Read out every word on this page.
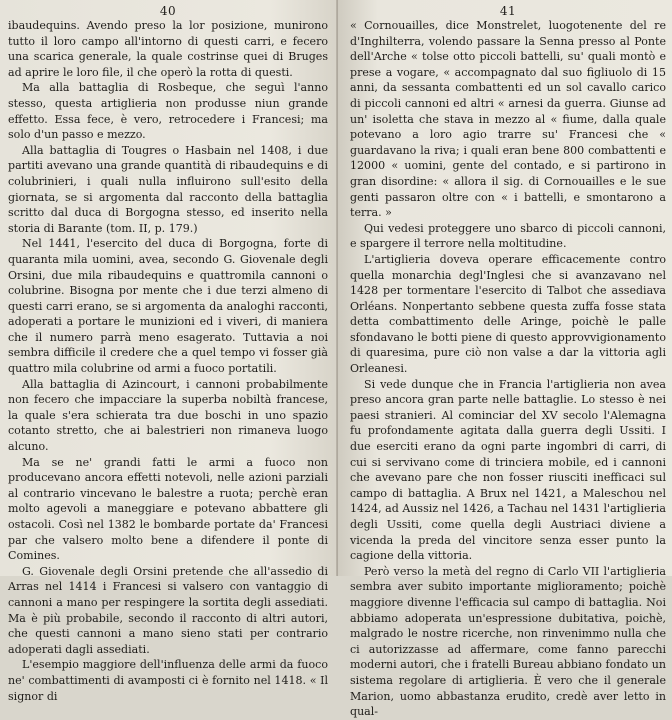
40

ibaudequins. Avendo preso la lor posizione, munirono tutto il loro campo all'intorno di questi carri, e fecero una scarica generale, la quale costrinse quei di Bruges ad aprire le loro file, il che operò la rotta di questi.

Ma alla battaglia di Rosbeque, che seguì l'anno stesso, questa artiglieria non produsse niun grande effetto. Essa fece, è vero, retrocedere i Francesi; ma solo d'un passo e mezzo.

Alla battaglia di Tougres o Hasbain nel 1408, i due partiti avevano una grande quantità di ribaudequins e di colubrinieri, i quali nulla influirono sull'esito della giornata, se si argomenta dal racconto della battaglia scritto dal duca di Borgogna stesso, ed inserito nella storia di Barante (tom. II, p. 179.)

Nel 1441, l'esercito del duca di Borgogna, forte di quaranta mila uomini, avea, secondo G. Giovenale degli Orsini, due mila ribaudequins e quattromila cannoni o colubrine. Bisogna por mente che i due terzi almeno di questi carri erano, se si argomenta da analoghi racconti, adoperati a portare le munizioni ed i viveri, di maniera che il numero parrà meno esagerato. Tuttavia a noi sembra difficile il credere che a quel tempo vi fosser già quattro mila colubrine od armi a fuoco portatili.

Alla battaglia di Azincourt, i cannoni probabilmente non fecero che impacciare la superba nobiltà francese, la quale s'era schierata tra due boschi in uno spazio cotanto stretto, che ai balestrieri non rimaneva luogo alcuno.

Ma se ne' grandi fatti le armi a fuoco non producevano ancora effetti notevoli, nelle azioni parziali al contrario vincevano le balestre a ruota; perchè eran molto agevoli a maneggiare e potevano abbattere gli ostacoli. Così nel 1382 le bombarde portate da' Francesi par che valsero molto bene a difendere il ponte di Comines.

G. Giovenale degli Orsini pretende che all'assedio di Arras nel 1414 i Francesi si valsero con vantaggio di cannoni a mano per respingere la sortita degli assediati. Ma è più probabile, secondo il racconto di altri autori, che questi cannoni a mano sieno stati per contrario adoperati dagli assediati.

L'esempio maggiore dell'influenza delle armi da fuoco ne' combattimenti di avamposti ci è fornito nel 1418. « Il signor di

41

« Cornouailles, dice Monstrelet, luogotenente del re d'Inghilterra, volendo passare la Senna presso al Ponte dell'Arche « tolse otto piccoli battelli, su' quali montò e prese a vogare, « accompagnato dal suo figliuolo di 15 anni, da sessanta combattenti ed un sol cavallo carico di piccoli cannoni ed altri « arnesi da guerra. Giunse ad un' isoletta che stava in mezzo al « fiume, dalla quale potevano a loro agio trarre su' Francesi che « guardavano la riva; i quali eran bene 800 combattenti e 12000 « uomini, gente del contado, e si partirono in gran disordine: « allora il sig. di Cornouailles e le sue genti passaron oltre con « i battelli, e smontarono a terra. »

Qui vedesi proteggere uno sbarco di piccoli cannoni, e spargere il terrore nella moltitudine.

L'artiglieria doveva operare efficacemente contro quella monarchia degl'Inglesi che si avanzavano nel 1428 per tormentare l'esercito di Talbot che assediava Orléans. Nonpertanto sebbene questa zuffa fosse stata detta combattimento delle Aringe, poichè le palle sfondavano le botti piene di questo approvvigionamento di quaresima, pure ciò non valse a dar la vittoria agli Orleanesi.

Si vede dunque che in Francia l'artiglieria non avea preso ancora gran parte nelle battaglie. Lo stesso è nei paesi stranieri. Al cominciar del XV secolo l'Alemagna fu profondamente agitata dalla guerra degli Ussiti. I due eserciti erano da ogni parte ingombri di carri, di cui si servivano come di trinciera mobile, ed i cannoni che avevano pare che non fosser riusciti inefficaci sul campo di battaglia. A Brux nel 1421, a Maleschou nel 1424, ad Aussiz nel 1426, a Tachau nel 1431 l'artiglieria degli Ussiti, come quella degli Austriaci diviene a vicenda la preda del vincitore senza esser punto la cagione della vittoria.

Però verso la metà del regno di Carlo VII l'artiglieria sembra aver subito importante miglioramento; poichè maggiore divenne l'efficacia sul campo di battaglia. Noi abbiamo adoperata un'espressione dubitativa, poichè, malgrado le nostre ricerche, non rinvenimmo nulla che ci autorizzasse ad affermare, come fanno parecchi moderni autori, che i fratelli Bureau abbiano fondato un sistema regolare di artiglieria. È vero che il generale Marion, uomo abbastanza erudito, credè aver letto in qual-
